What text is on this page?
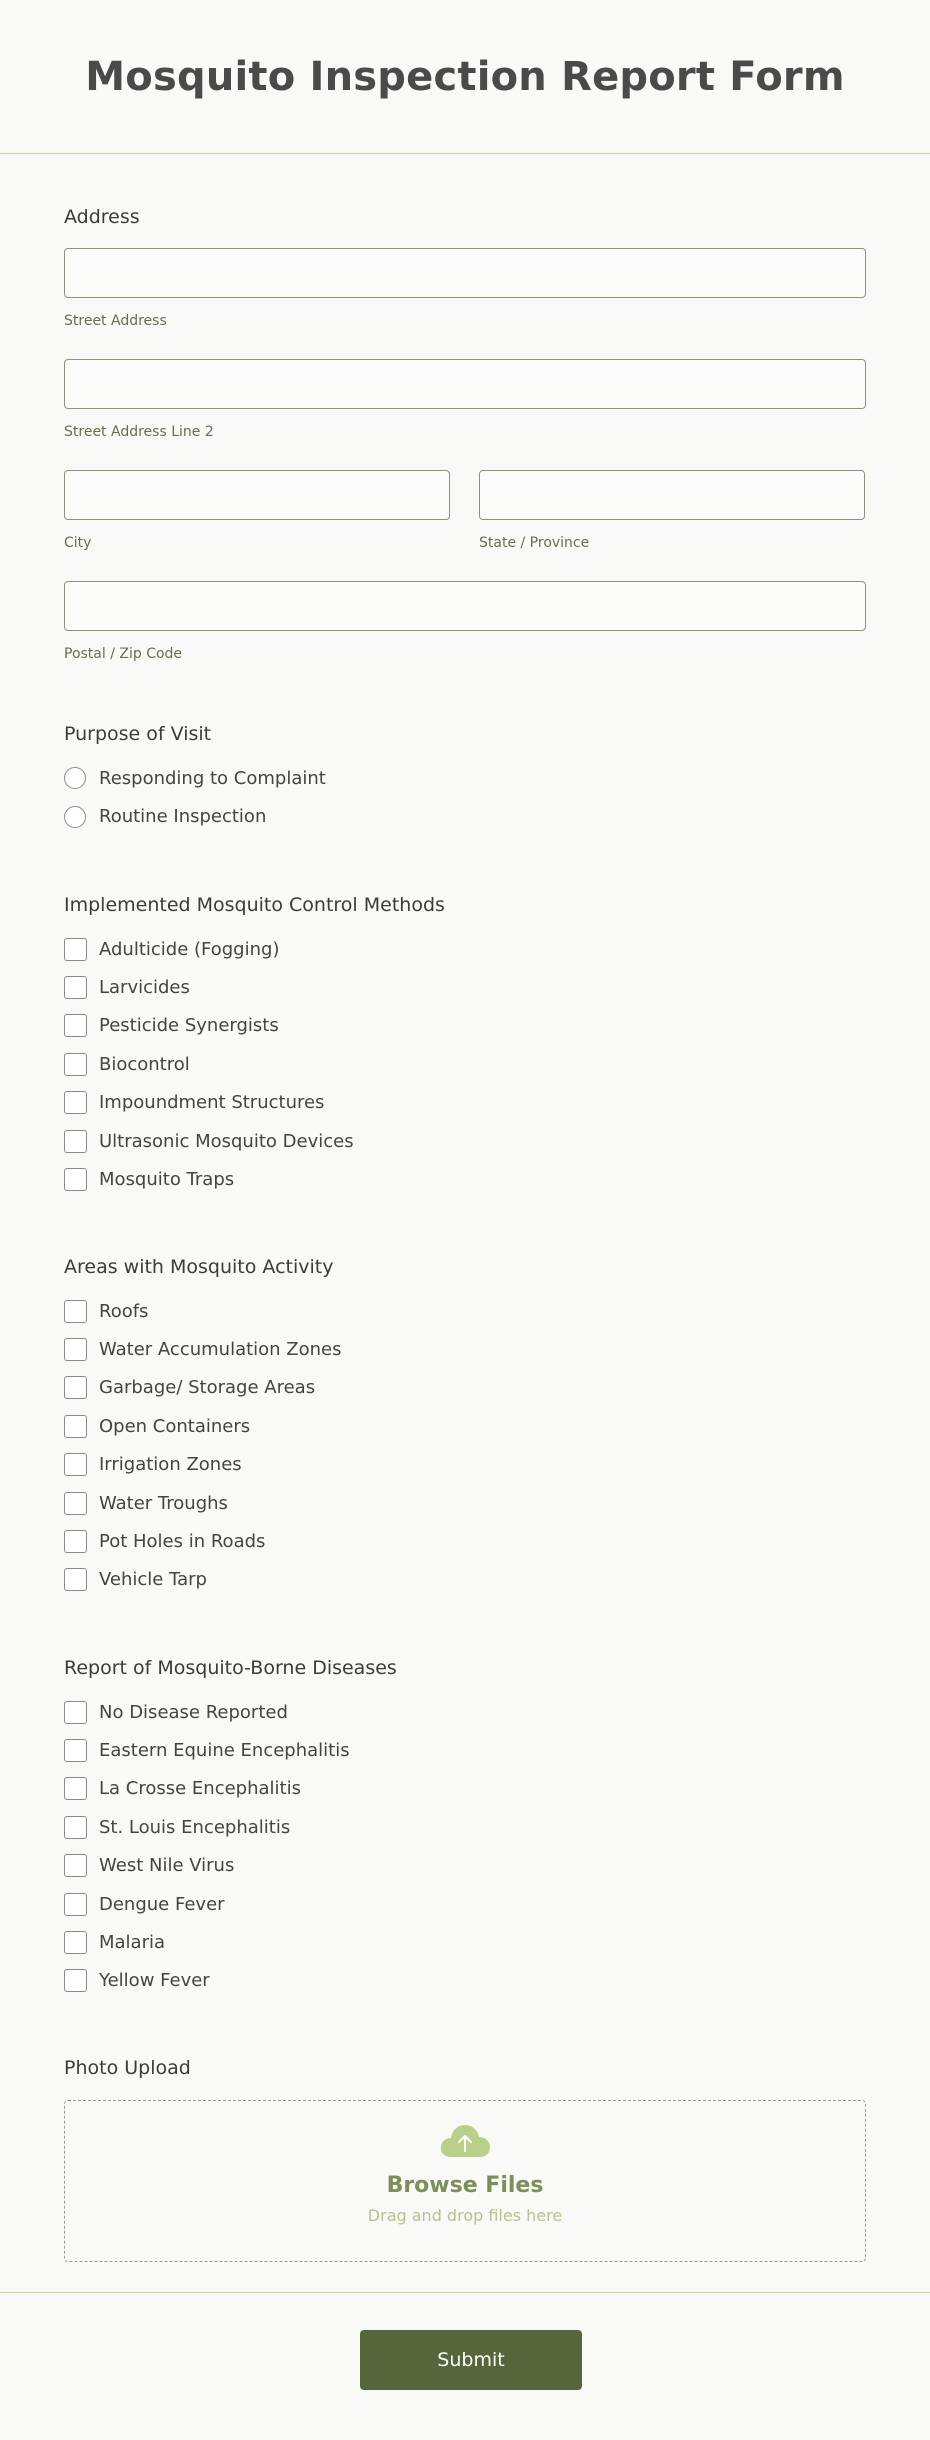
Mosquito Inspection Report Form

Address

Street Address
Street Address Line 2
City	State / Province
Postal / Zip Code

Purpose of Visit

Responding to Complaint
Routine Inspection

Implemented Mosquito Control Methods

Adulticide (Fogging)
Larvicides
Pesticide Synergists
Biocontrol
Impoundment Structures
Ultrasonic Mosquito Devices
Mosquito Traps

Areas with Mosquito Activity

Roofs
Water Accumulation Zones
Garbage/ Storage Areas
Open Containers
Irrigation Zones
Water Troughs
Pot Holes in Roads
Vehicle Tarp

Report of Mosquito-Borne Diseases

No Disease Reported
Eastern Equine Encephalitis
La Crosse Encephalitis
St. Louis Encephalitis
West Nile Virus
Dengue Fever
Malaria
Yellow Fever

Photo Upload

Browse Files
Drag and drop files here
Submit
